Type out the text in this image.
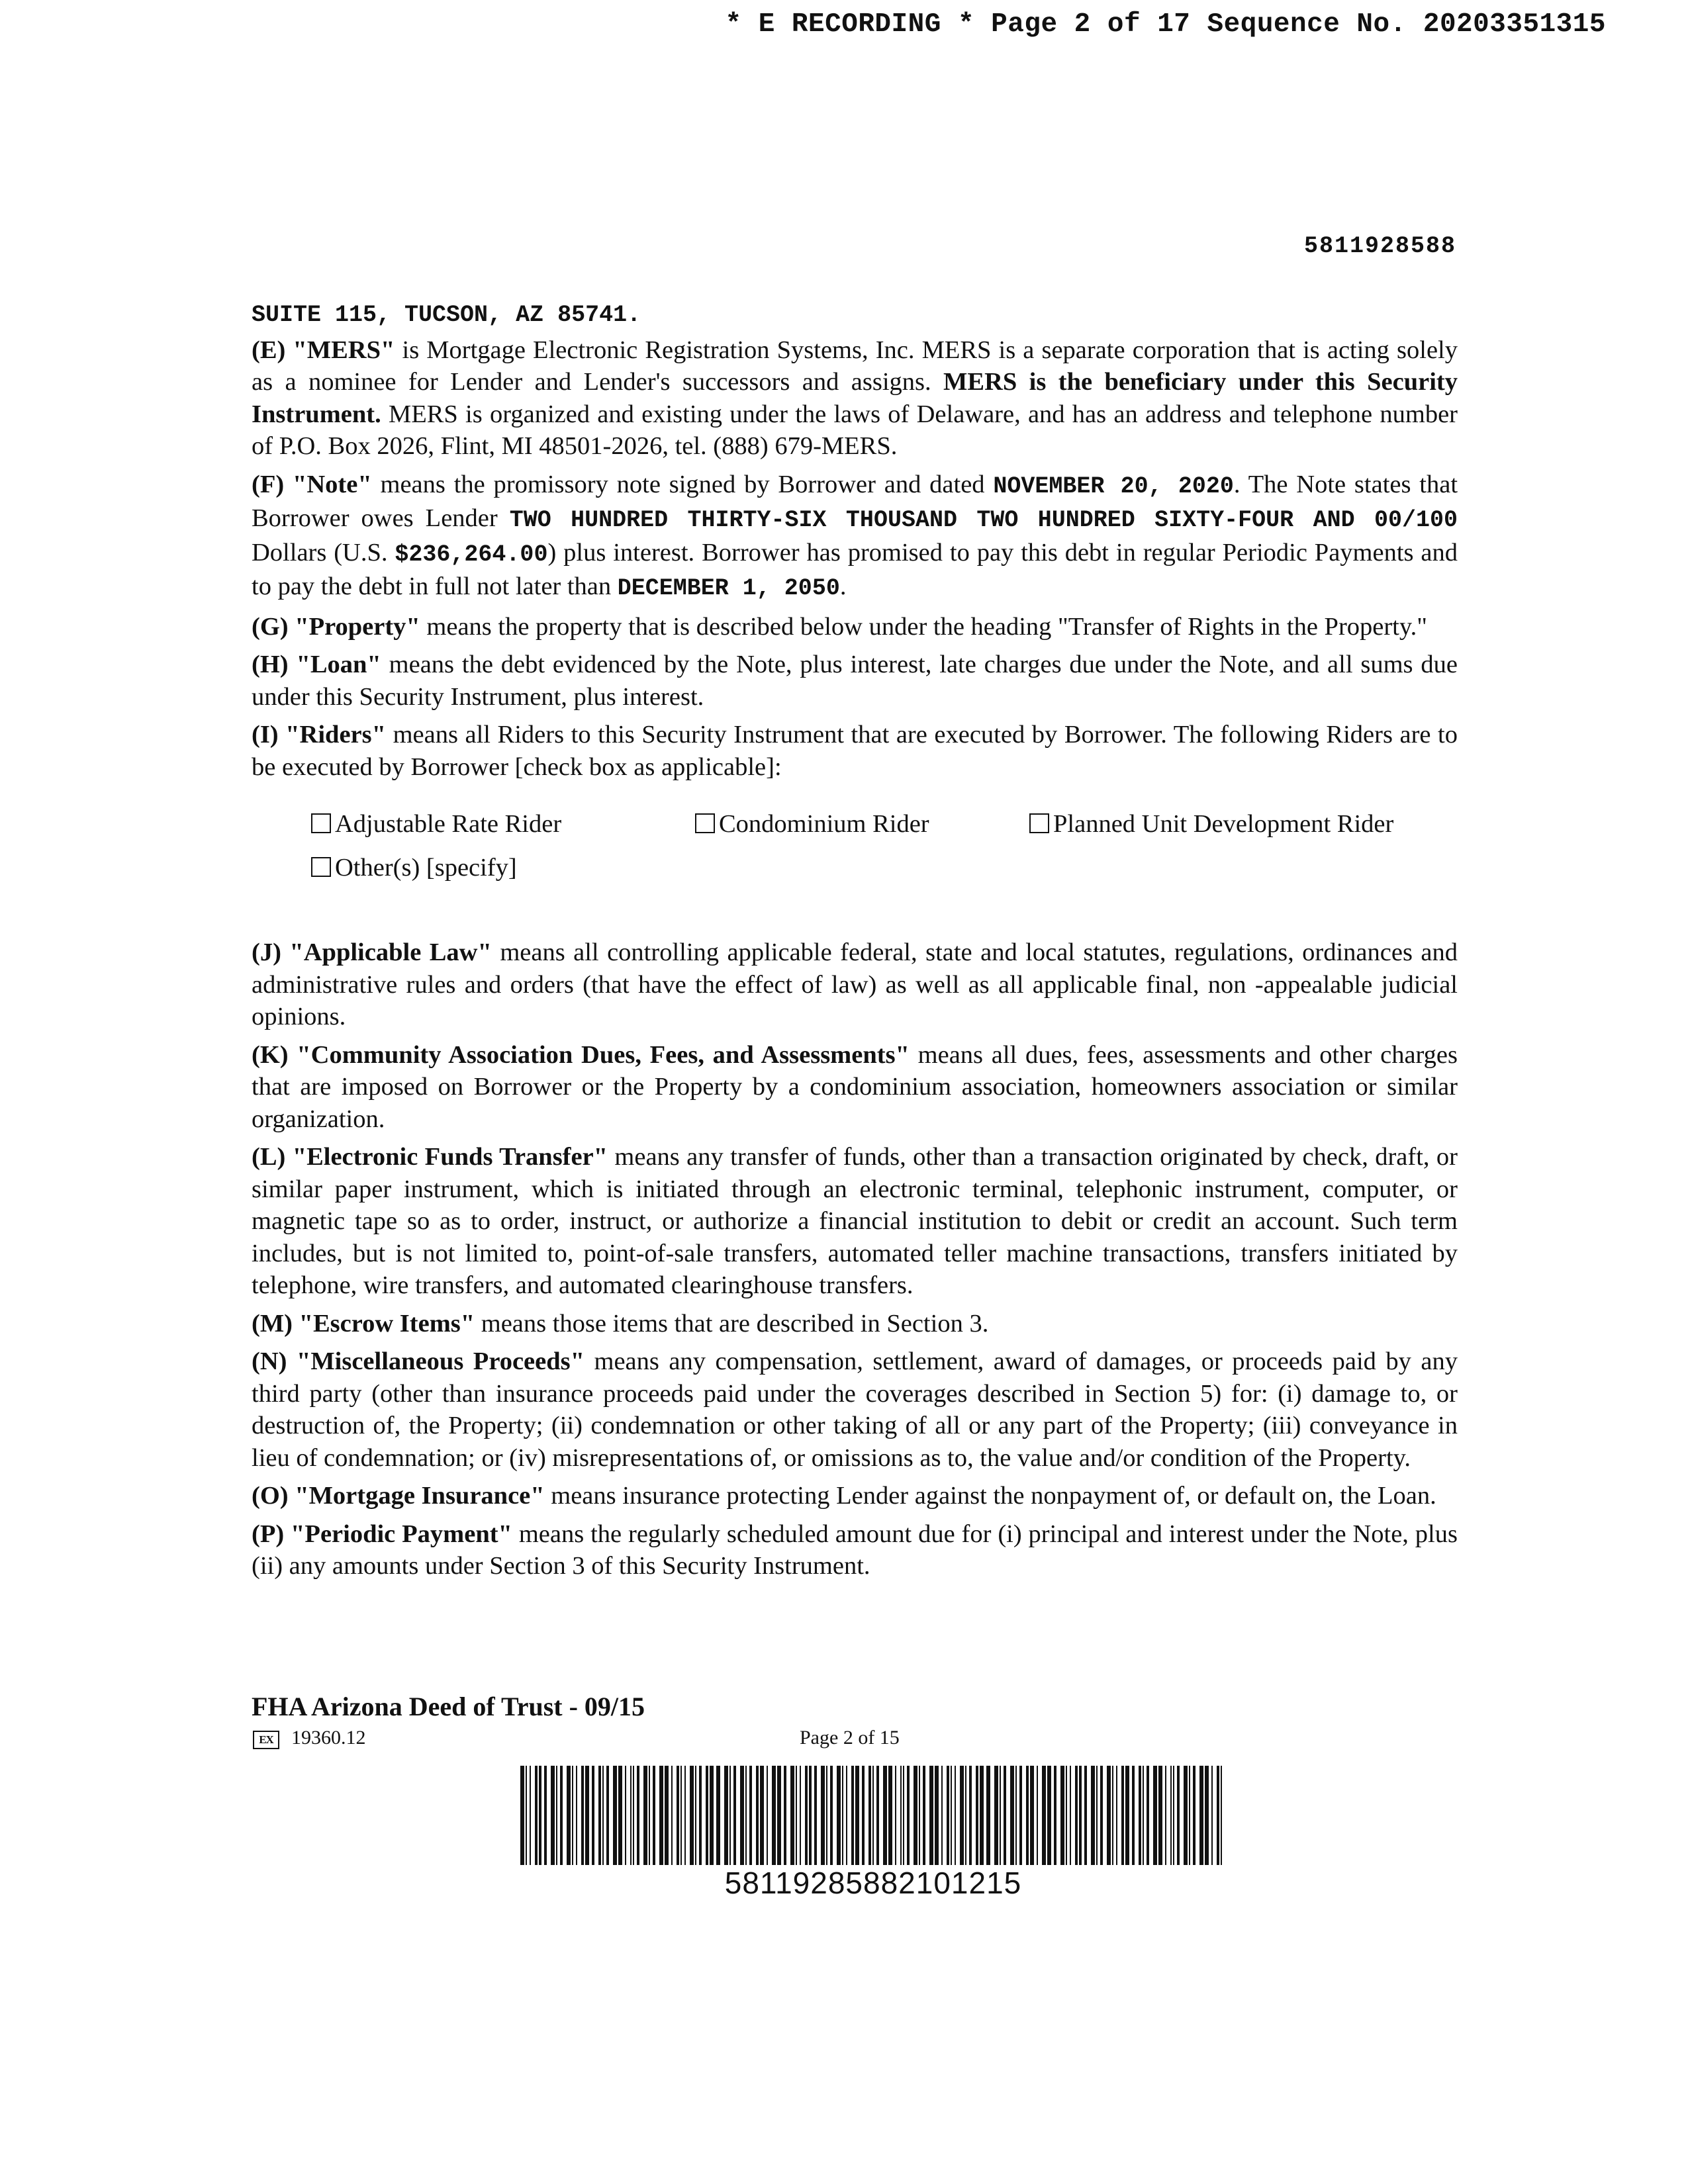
* E RECORDING * Page 2 of 17 Sequence No. 20203351315
5811928588

SUITE 115, TUCSON, AZ 85741.

(E) "MERS" is Mortgage Electronic Registration Systems, Inc. MERS is a separate corporation that is acting solely as a nominee for Lender and Lender's successors and assigns. MERS is the beneficiary under this Security Instrument. MERS is organized and existing under the laws of Delaware, and has an address and telephone number of P.O. Box 2026, Flint, MI 48501-2026, tel. (888) 679-MERS.

(F) "Note" means the promissory note signed by Borrower and dated NOVEMBER 20, 2020. The Note states that Borrower owes Lender TWO HUNDRED THIRTY-SIX THOUSAND TWO HUNDRED SIXTY-FOUR AND 00/100 Dollars (U.S. $236,264.00) plus interest. Borrower has promised to pay this debt in regular Periodic Payments and to pay the debt in full not later than DECEMBER 1, 2050.

(G) "Property" means the property that is described below under the heading "Transfer of Rights in the Property."

(H) "Loan" means the debt evidenced by the Note, plus interest, late charges due under the Note, and all sums due under this Security Instrument, plus interest.

(I) "Riders" means all Riders to this Security Instrument that are executed by Borrower. The following Riders are to be executed by Borrower [check box as applicable]:

Adjustable Rate Rider	Condominium Rider	Planned Unit Development Rider
Other(s) [specify]

(J) "Applicable Law" means all controlling applicable federal, state and local statutes, regulations, ordinances and administrative rules and orders (that have the effect of law) as well as all applicable final, non -appealable judicial opinions.

(K) "Community Association Dues, Fees, and Assessments" means all dues, fees, assessments and other charges that are imposed on Borrower or the Property by a condominium association, homeowners association or similar organization.

(L) "Electronic Funds Transfer" means any transfer of funds, other than a transaction originated by check, draft, or similar paper instrument, which is initiated through an electronic terminal, telephonic instrument, computer, or magnetic tape so as to order, instruct, or authorize a financial institution to debit or credit an account. Such term includes, but is not limited to, point-of-sale transfers, automated teller machine transactions, transfers initiated by telephone, wire transfers, and automated clearinghouse transfers.

(M) "Escrow Items" means those items that are described in Section 3.

(N) "Miscellaneous Proceeds" means any compensation, settlement, award of damages, or proceeds paid by any third party (other than insurance proceeds paid under the coverages described in Section 5) for: (i) damage to, or destruction of, the Property; (ii) condemnation or other taking of all or any part of the Property; (iii) conveyance in lieu of condemnation; or (iv) misrepresentations of, or omissions as to, the value and/or condition of the Property.

(O) "Mortgage Insurance" means insurance protecting Lender against the nonpayment of, or default on, the Loan.

(P) "Periodic Payment" means the regularly scheduled amount due for (i) principal and interest under the Note, plus (ii) any amounts under Section 3 of this Security Instrument.

FHA Arizona Deed of Trust - 09/15
EX 19360.12	Page 2 of 15
58119285882101215
